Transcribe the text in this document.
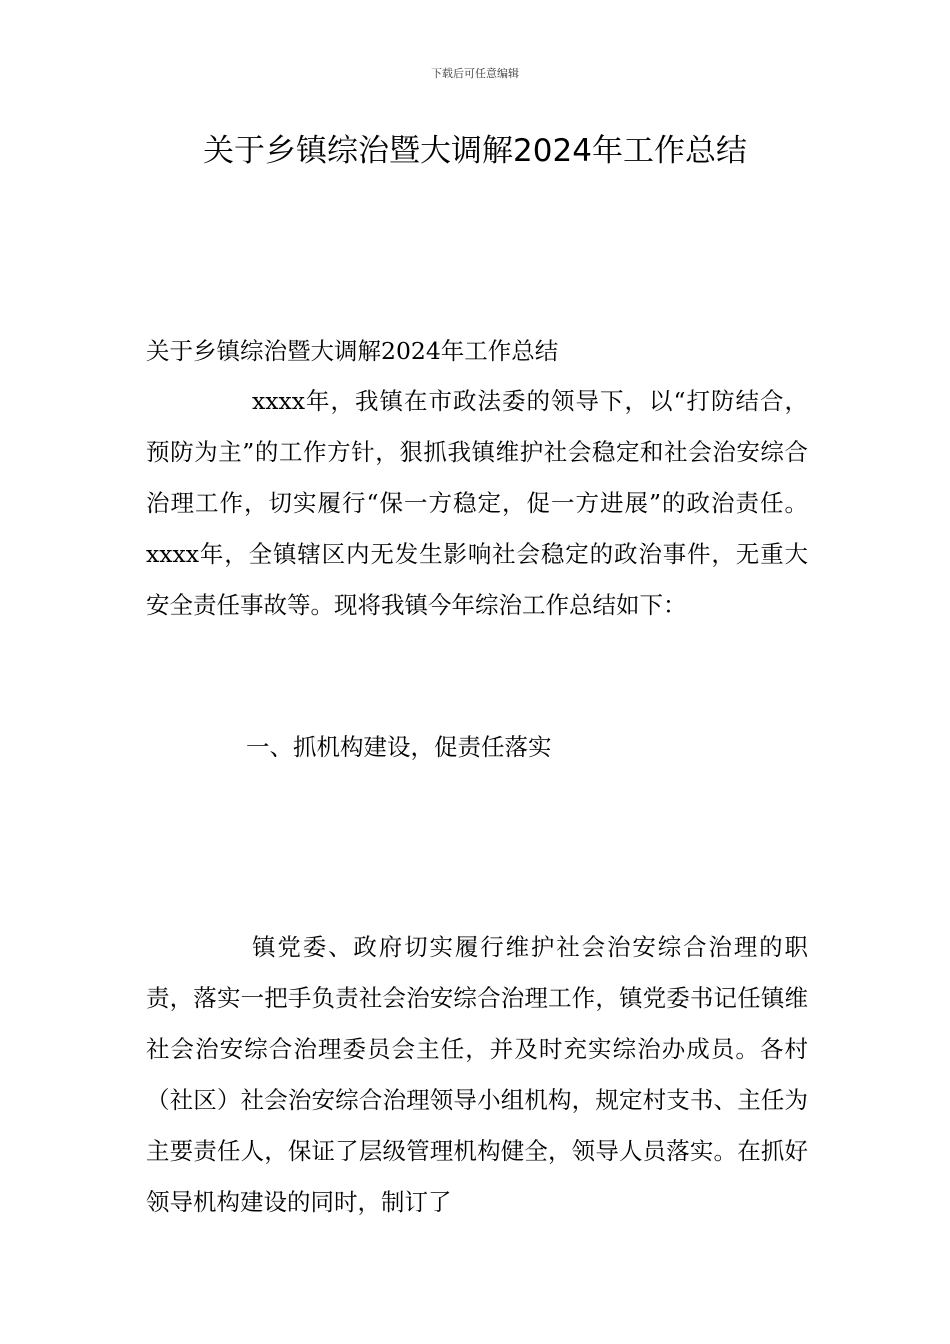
下载后可任意编辑
关于乡镇综治暨大调解2024年工作总结

关于乡镇综治暨大调解2024年工作总结

xxxx年，我镇在市政法委的领导下，以“打防结合，预防为主”的工作方针，狠抓我镇维护社会稳定和社会治安综合治理工作，切实履行“保一方稳定，促一方进展”的政治责任。xxxx年，全镇辖区内无发生影响社会稳定的政治事件，无重大安全责任事故等。现将我镇今年综治工作总结如下：

一、抓机构建设，促责任落实

镇党委、政府切实履行维护社会治安综合治理的职责，落实一把手负责社会治安综合治理工作，镇党委书记任镇维社会治安综合治理委员会主任，并及时充实综治办成员。各村（社区）社会治安综合治理领导小组机构，规定村支书、主任为主要责任人，保证了层级管理机构健全，领导人员落实。在抓好领导机构建设的同时，制订了
